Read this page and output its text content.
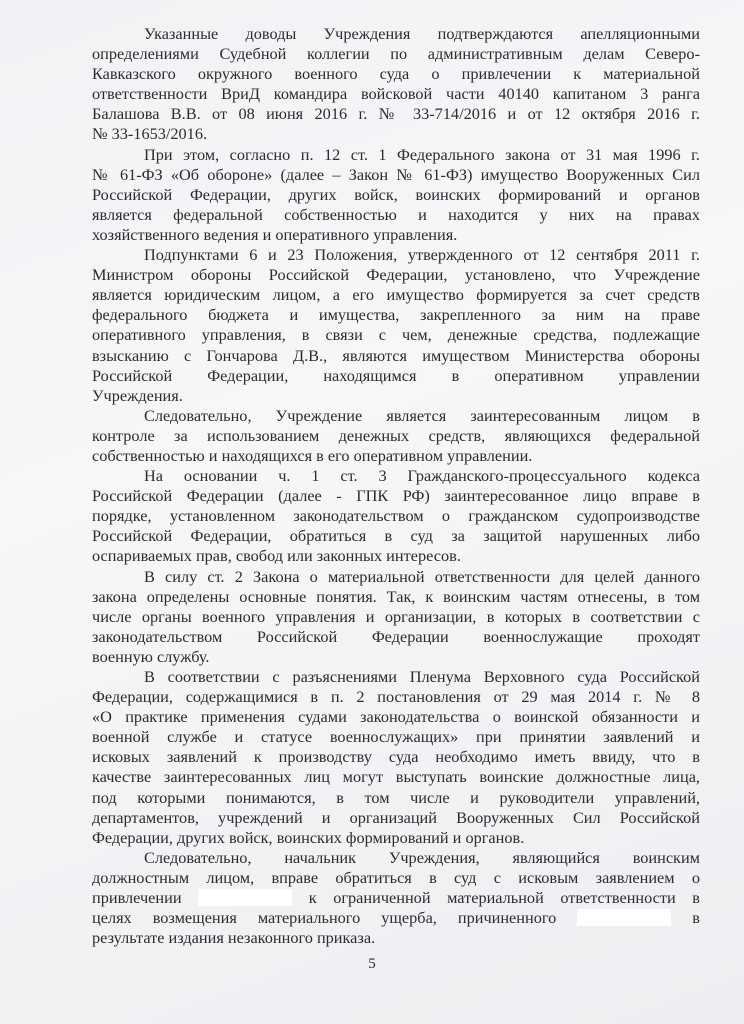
Указанные доводы Учреждения подтверждаются апелляционными
определениями Судебной коллегии по административным делам Северо-
Кавказского окружного военного суда о привлечении к материальной
ответственности ВриД командира войсковой части 40140 капитаном 3 ранга
Балашова В.В. от 08 июня 2016 г. № 33-714/2016 и от 12 октября 2016 г.
№ 33-1653/2016.
При этом, согласно п. 12 ст. 1 Федерального закона от 31 мая 1996 г.
№ 61-ФЗ «Об обороне» (далее – Закон № 61-ФЗ) имущество Вооруженных Сил
Российской Федерации, других войск, воинских формирований и органов
является федеральной собственностью и находится у них на правах
хозяйственного ведения и оперативного управления.
Подпунктами 6 и 23 Положения, утвержденного от 12 сентября 2011 г.
Министром обороны Российской Федерации, установлено, что Учреждение
является юридическим лицом, а его имущество формируется за счет средств
федерального бюджета и имущества, закрепленного за ним на праве
оперативного управления, в связи с чем, денежные средства, подлежащие
взысканию с Гончарова Д.В., являются имуществом Министерства обороны
Российской Федерации, находящимся в оперативном управлении
Учреждения.
Следовательно, Учреждение является заинтересованным лицом в
контроле за использованием денежных средств, являющихся федеральной
собственностью и находящихся в его оперативном управлении.
На основании ч. 1 ст. 3 Гражданского-процессуального кодекса
Российской Федерации (далее - ГПК РФ) заинтересованное лицо вправе в
порядке, установленном законодательством о гражданском судопроизводстве
Российской Федерации, обратиться в суд за защитой нарушенных либо
оспариваемых прав, свобод или законных интересов.
В силу ст. 2 Закона о материальной ответственности для целей данного
закона определены основные понятия. Так, к воинским частям отнесены, в том
числе органы военного управления и организации, в которых в соответствии с
законодательством Российской Федерации военнослужащие проходят
военную службу.
В соответствии с разъяснениями Пленума Верховного суда Российской
Федерации, содержащимися в п. 2 постановления от 29 мая 2014 г. № 8
«О практике применения судами законодательства о воинской обязанности и
военной службе и статусе военнослужащих» при принятии заявлений и
исковых заявлений к производству суда необходимо иметь ввиду, что в
качестве заинтересованных лиц могут выступать воинские должностные лица,
под которыми понимаются, в том числе и руководители управлений,
департаментов, учреждений и организаций Вооруженных Сил Российской
Федерации, других войск, воинских формирований и органов.
Следовательно, начальник Учреждения, являющийся воинским
должностным лицом, вправе обратиться в суд с исковым заявлением о
привлечении	к ограниченной материальной ответственности в
целях возмещения материального ущерба, причиненного	в
результате издания незаконного приказа.
5
